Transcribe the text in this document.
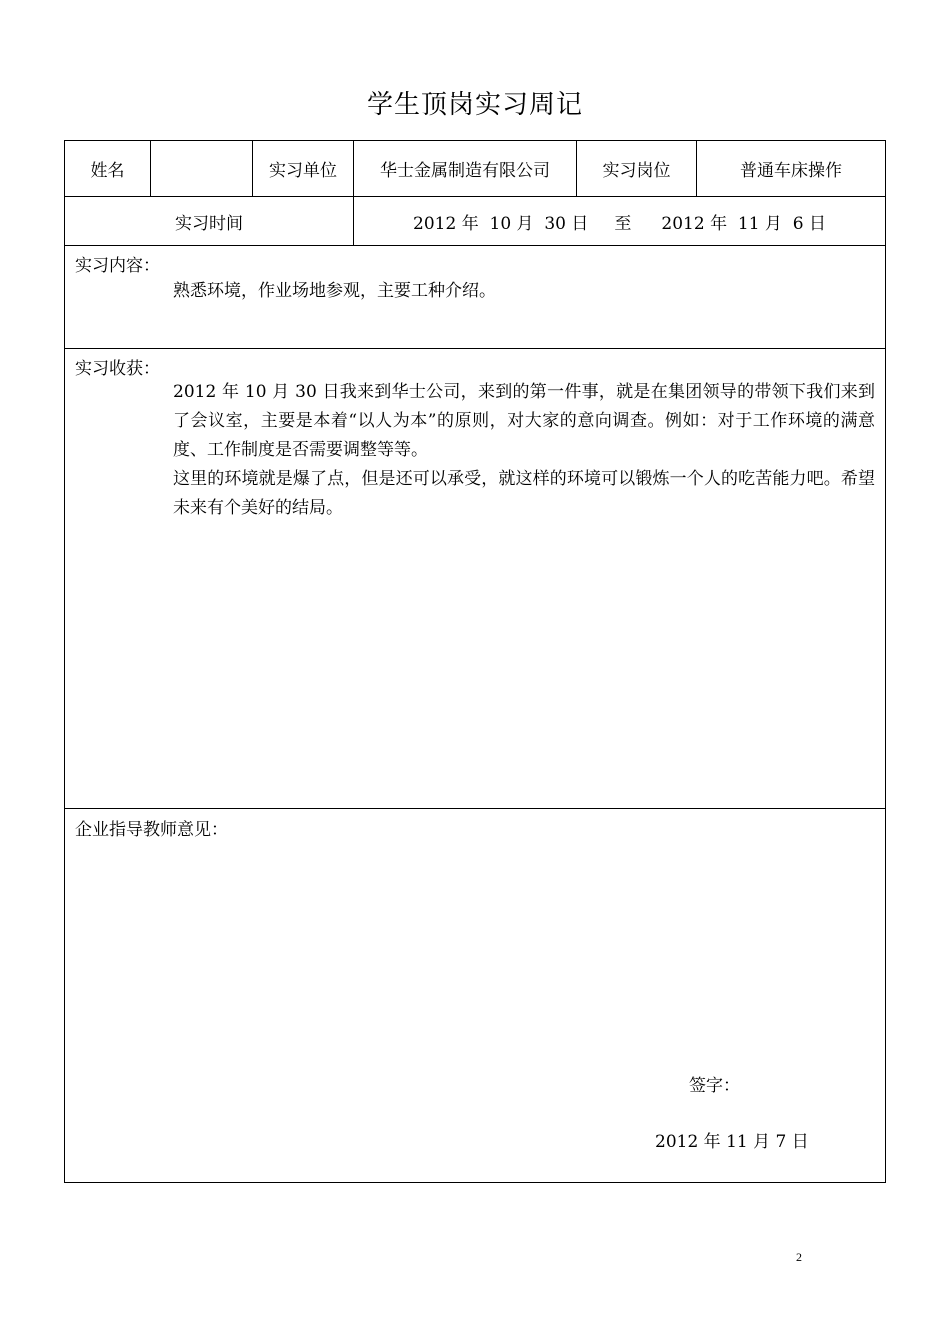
学生顶岗实习周记
姓名	实习单位	华士金属制造有限公司	实习岗位	普通车床操作
实习时间	2012 年  10 月  30 日 至 2012 年  11 月  6 日
实习内容：
熟悉环境，作业场地参观，主要工种介绍。
实习收获：

2012 年 10 月 30 日我来到华士公司，来到的第一件事，就是在集团领导的带领下我们来到了会议室，主要是本着“以人为本”的原则，对大家的意向调查。例如：对于工作环境的满意度、工作制度是否需要调整等等。

这里的环境就是爆了点，但是还可以承受，就这样的环境可以锻炼一个人的吃苦能力吧。希望未来有个美好的结局。

企业指导教师意见：
签字：
2012 年 11 月 7 日
2
